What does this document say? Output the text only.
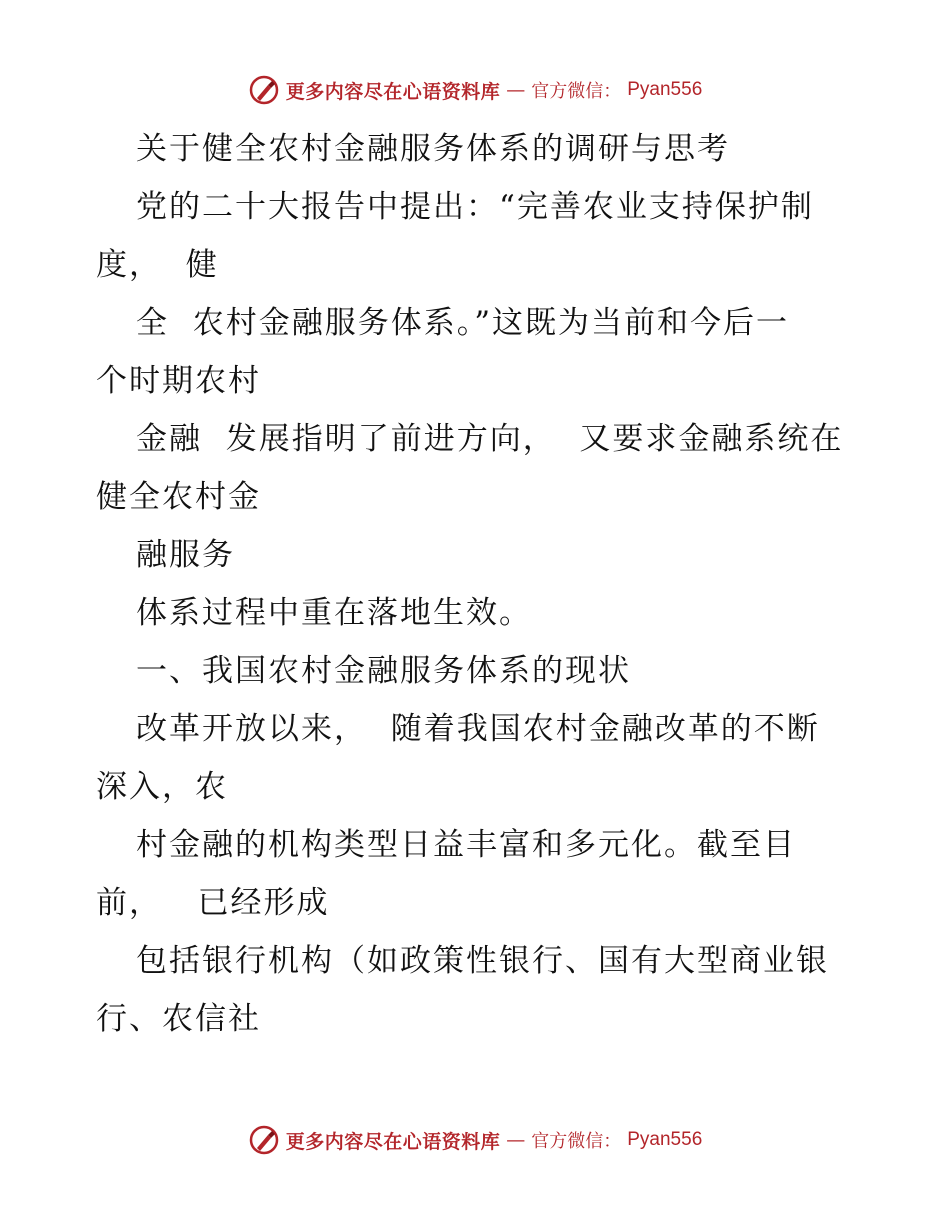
更多内容尽在心语资料库 — 官方微信： Pyan556
关于健全农村金融服务体系的调研与思考
党的二十大报告中提出：“完善农业支持保护制
度，  健
全  农村金融服务体系。”这既为当前和今后一
个时期农村
金融  发展指明了前进方向，  又要求金融系统在
健全农村金
融服务
体系过程中重在落地生效。
一、我国农村金融服务体系的现状
改革开放以来，  随着我国农村金融改革的不断
深入，农
村金融的机构类型日益丰富和多元化。截至目
前，   已经形成
包括银行机构（如政策性银行、国有大型商业银
行、农信社
更多内容尽在心语资料库 — 官方微信： Pyan556
